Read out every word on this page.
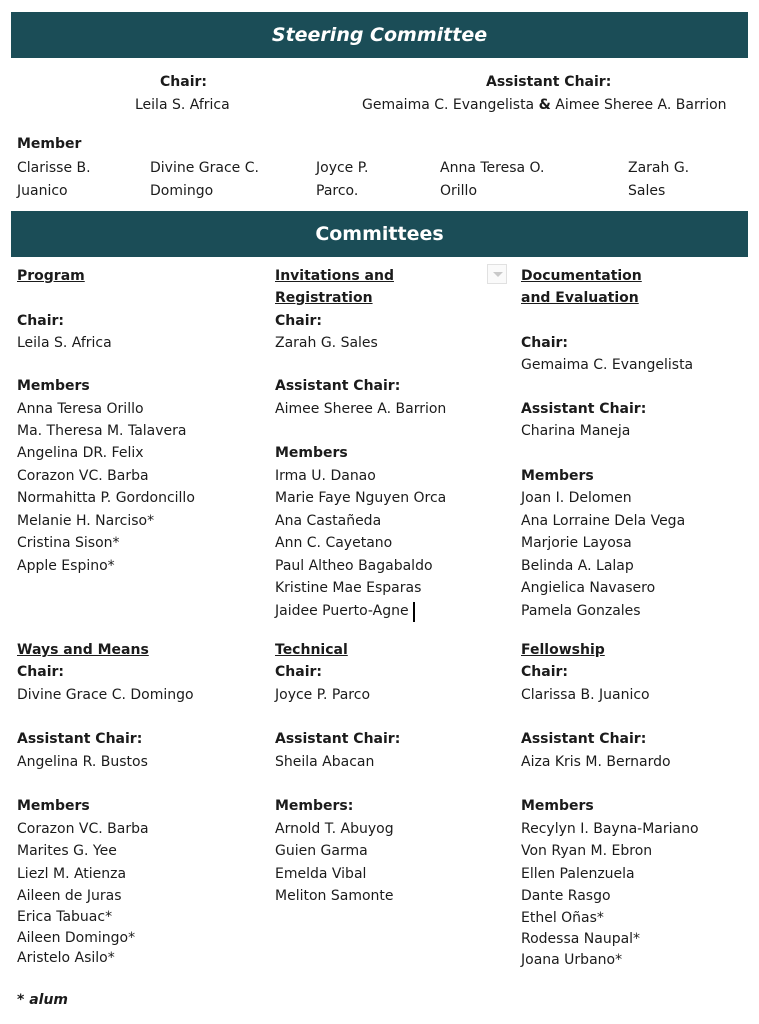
Steering Committee
Chair:
Leila S. Africa
Assistant Chair:
Gemaima C. Evangelista & Aimee Sheree A. Barrion
Member
Clarisse B.
Juanico
Divine Grace C.
Domingo
Joyce P.
Parco.
Anna Teresa O.
Orillo
Zarah G.
Sales
Committees
Program
Chair:
Leila S. Africa
Members
Anna Teresa Orillo
Ma. Theresa M. Talavera
Angelina DR. Felix
Corazon VC. Barba
Normahitta P. Gordoncillo
Melanie H. Narciso*
Cristina Sison*
Apple Espino*
Invitations and
Registration
Chair:
Zarah G. Sales
Assistant Chair:
Aimee Sheree A. Barrion
Members
Irma U. Danao
Marie Faye Nguyen Orca
Ana Castañeda
Ann C. Cayetano
Paul Altheo Bagabaldo
Kristine Mae Esparas
Jaidee Puerto-Agne
Documentation
and Evaluation
Chair:
Gemaima C. Evangelista
Assistant Chair:
Charina Maneja
Members
Joan I. Delomen
Ana Lorraine Dela Vega
Marjorie Layosa
Belinda A. Lalap
Angielica Navasero
Pamela Gonzales
Ways and Means
Chair:
Divine Grace C. Domingo
Assistant Chair:
Angelina R. Bustos
Members
Corazon VC. Barba
Marites G. Yee
Liezl M. Atienza
Aileen de Juras
Erica Tabuac*
Aileen Domingo*
Aristelo Asilo*
Technical
Chair:
Joyce P. Parco
Assistant Chair:
Sheila Abacan
Members:
Arnold T. Abuyog
Guien Garma
Emelda Vibal
Meliton Samonte
Fellowship
Chair:
Clarissa B. Juanico
Assistant Chair:
Aiza Kris M. Bernardo
Members
Recylyn I. Bayna-Mariano
Von Ryan M. Ebron
Ellen Palenzuela
Dante Rasgo
Ethel Oñas*
Rodessa Naupal*
Joana Urbano*
* alum
